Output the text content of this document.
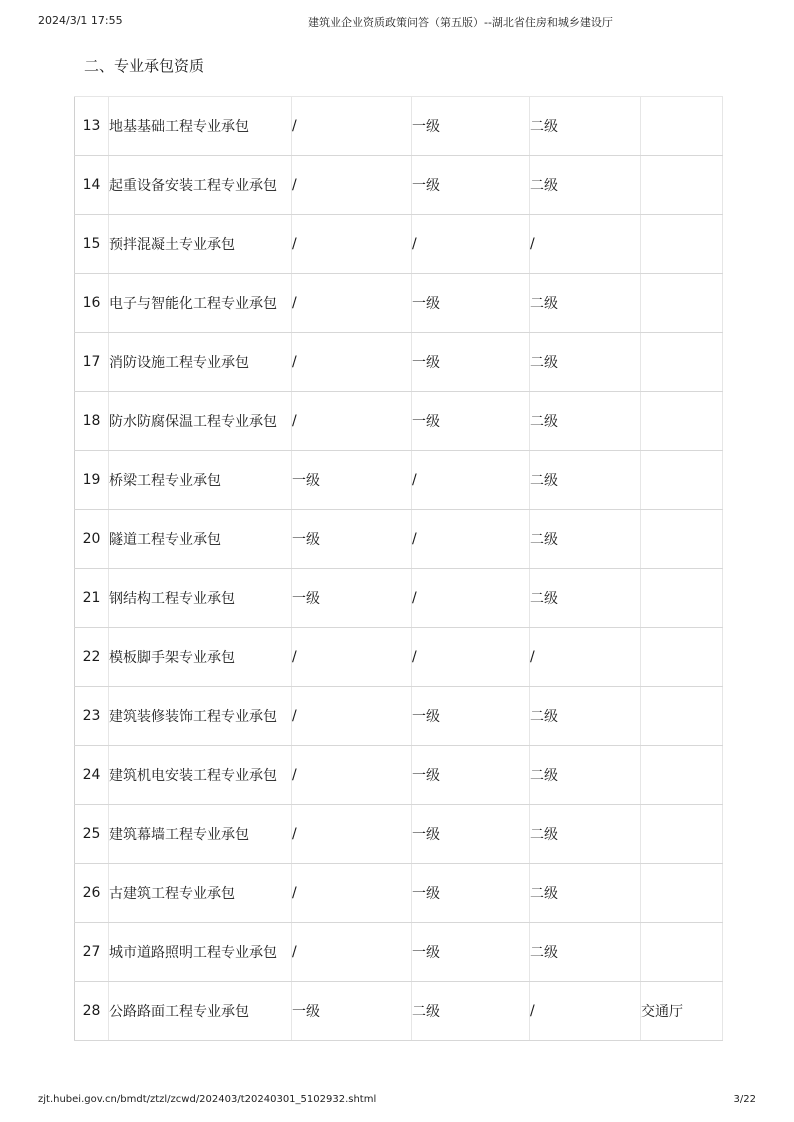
2024/3/1 17:55	建筑业企业资质政策问答（第五版）--湖北省住房和城乡建设厅
二、专业承包资质
13	地基基础工程专业承包	/	一级	二级	
14	起重设备安装工程专业承包	/	一级	二级	
15	预拌混凝土专业承包	/	/	/	
16	电子与智能化工程专业承包	/	一级	二级	
17	消防设施工程专业承包	/	一级	二级	
18	防水防腐保温工程专业承包	/	一级	二级	
19	桥梁工程专业承包	一级	/	二级	
20	隧道工程专业承包	一级	/	二级	
21	钢结构工程专业承包	一级	/	二级	
22	模板脚手架专业承包	/	/	/	
23	建筑装修装饰工程专业承包	/	一级	二级	
24	建筑机电安装工程专业承包	/	一级	二级	
25	建筑幕墙工程专业承包	/	一级	二级	
26	古建筑工程专业承包	/	一级	二级	
27	城市道路照明工程专业承包	/	一级	二级	
28	公路路面工程专业承包	一级	二级	/	交通厅
zjt.hubei.gov.cn/bmdt/ztzl/zcwd/202403/t20240301_5102932.shtml	3/22
